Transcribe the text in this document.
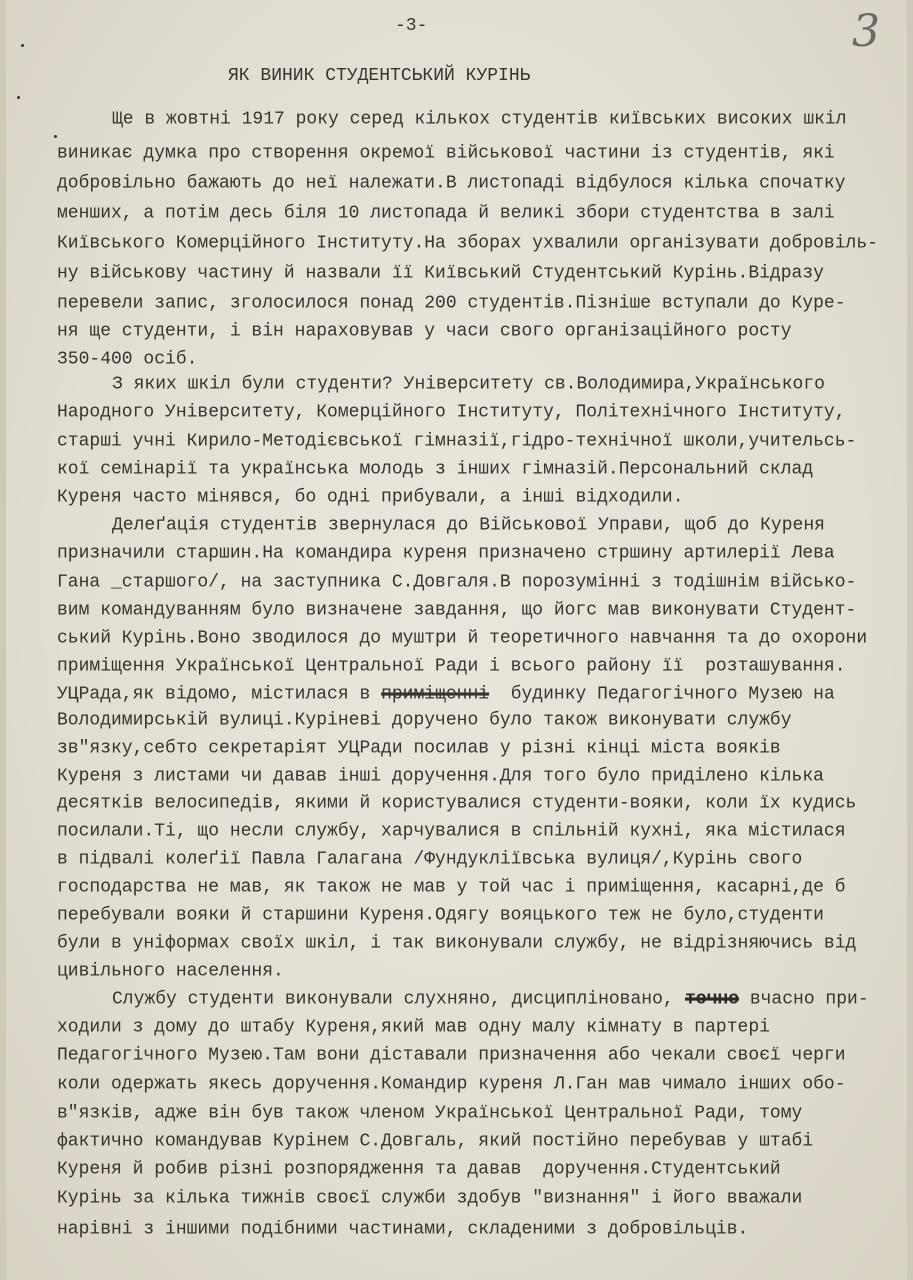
-3-	3
ЯК ВИНИК СТУДЕНТСЬКИЙ КУРІНЬ
Ще в жовтні 1917 року серед кількох студентів київських високих шкіл
виникає думка про створення окремої військової частини із студентів, які
добровільно бажають до неї належати.В листопаді відбулося кілька спочатку
менших, а потім десь біля 10 листопада й великі збори студентства в залі
Київського Комерційного Інституту.На зборах ухвалили організувати добровіль-
ну військову частину й назвали її Київський Студентський Курінь.Відразу
перевели запис, зголосилося понад 200 студентів.Пізніше вступали до Куре-
ня ще студенти, і він нараховував у часи свого організаційного росту
350-400 осіб.
З яких шкіл були студенти? Університету св.Володимира,Українського
Народного Університету, Комерційного Інституту, Політехнічного Інституту,
старші учні Кирило-Методієвської гімназії,гідро-технічної школи,учительсь-
кої семінарії та українська молодь з інших гімназій.Персональний склад
Куреня часто мінявся, бо одні прибували, а інші відходили.
Делеґація студентів звернулася до Військової Управи, щоб до Куреня
призначили старшин.На командира куреня призначено стршину артилерії Лева
Гана _старшого/, на заступника С.Довгаля.В порозумінні з тодішнім військо-
вим командуванням було визначене завдання, що йогс мав виконувати Студент-
ський Курінь.Воно зводилося до муштри й теоретичного навчання та до охорони
приміщення Української Центральної Ради і всього району її  розташування.
Володимирській вулиці.Куріневі доручено було також виконувати службу
зв"язку,себто секретаріят УЦРади посилав у різні кінці міста вояків
Куреня з листами чи давав інші доручення.Для того було приділено кілька
десятків велосипедів, якими й користувалися студенти-вояки, коли їх кудись
посилали.Ті, що несли службу, харчувалися в спільній кухні, яка містилася
в підвалі колеґії Павла Галагана /Фундукліївська вулиця/,Курінь свого
господарства не мав, як також не мав у той час і приміщення, касарні,де б
перебували вояки й старшини Куреня.Одягу вояцького теж не було,студенти
були в уніформах своїх шкіл, і так виконували службу, не відрізняючись від
цивільного населення.
Службу студенти виконували слухняно, дисципліновано,
ходили з дому до штабу Куреня,який мав одну малу кімнату в партері
Педагогічного Музею.Там вони діставали призначення або чекали своєї черги
коли одержать якесь доручення.Командир куреня Л.Ган мав чимало інших обо-
в"язків, адже він був також членом Української Центральної Ради, тому
фактично командував Курінем С.Довгаль, який постійно перебував у штабі
Куреня й робив різні розпорядження та давав  доручення.Студентський
Курінь за кілька тижнів своєї служби здобув "визнання" і його вважали
нарівні з іншими подібними частинами, складеними з добровільців.
УЦРада,як відомо, містилася в приміщенні  будинку Педагогічного Музею на
точно вчасно при-
